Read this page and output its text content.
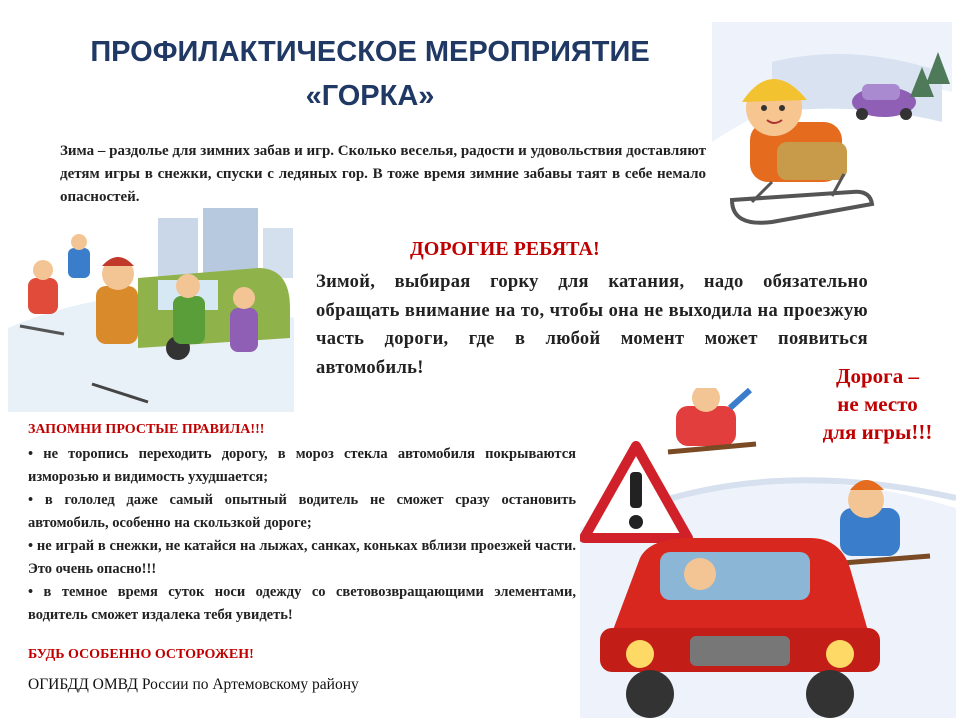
ПРОФИЛАКТИЧЕСКОЕ МЕРОПРИЯТИЕ
«ГОРКА»
Зима – раздолье для зимних забав и игр. Сколько веселья, радости и удовольствия доставляют детям игры в снежки, спуски с ледяных гор. В тоже время зимние забавы таят в себе немало опасностей.
ДОРОГИЕ РЕБЯТА!
Зимой, выбирая горку для катания, надо обязательно обращать внимание на то, чтобы она не выходила на проезжую часть дороги, где в любой момент может появиться автомобиль!	Дорога –
не место
для игры!!!
ЗАПОМНИ ПРОСТЫЕ ПРАВИЛА!!!
• не торопись переходить дорогу, в мороз стекла автомобиля покрываются изморозью и видимость ухудшается;
• в гололед даже самый опытный водитель не сможет сразу остановить автомобиль, особенно на скользкой дороге;
• не играй в снежки, не катайся на лыжах, санках, коньках вблизи проезжей части. Это очень опасно!!!
• в темное время суток носи одежду со световозвращающими элементами, водитель сможет издалека тебя увидеть!
БУДЬ ОСОБЕННО ОСТОРОЖЕН!
ОГИБДД ОМВД России по Артемовскому району
